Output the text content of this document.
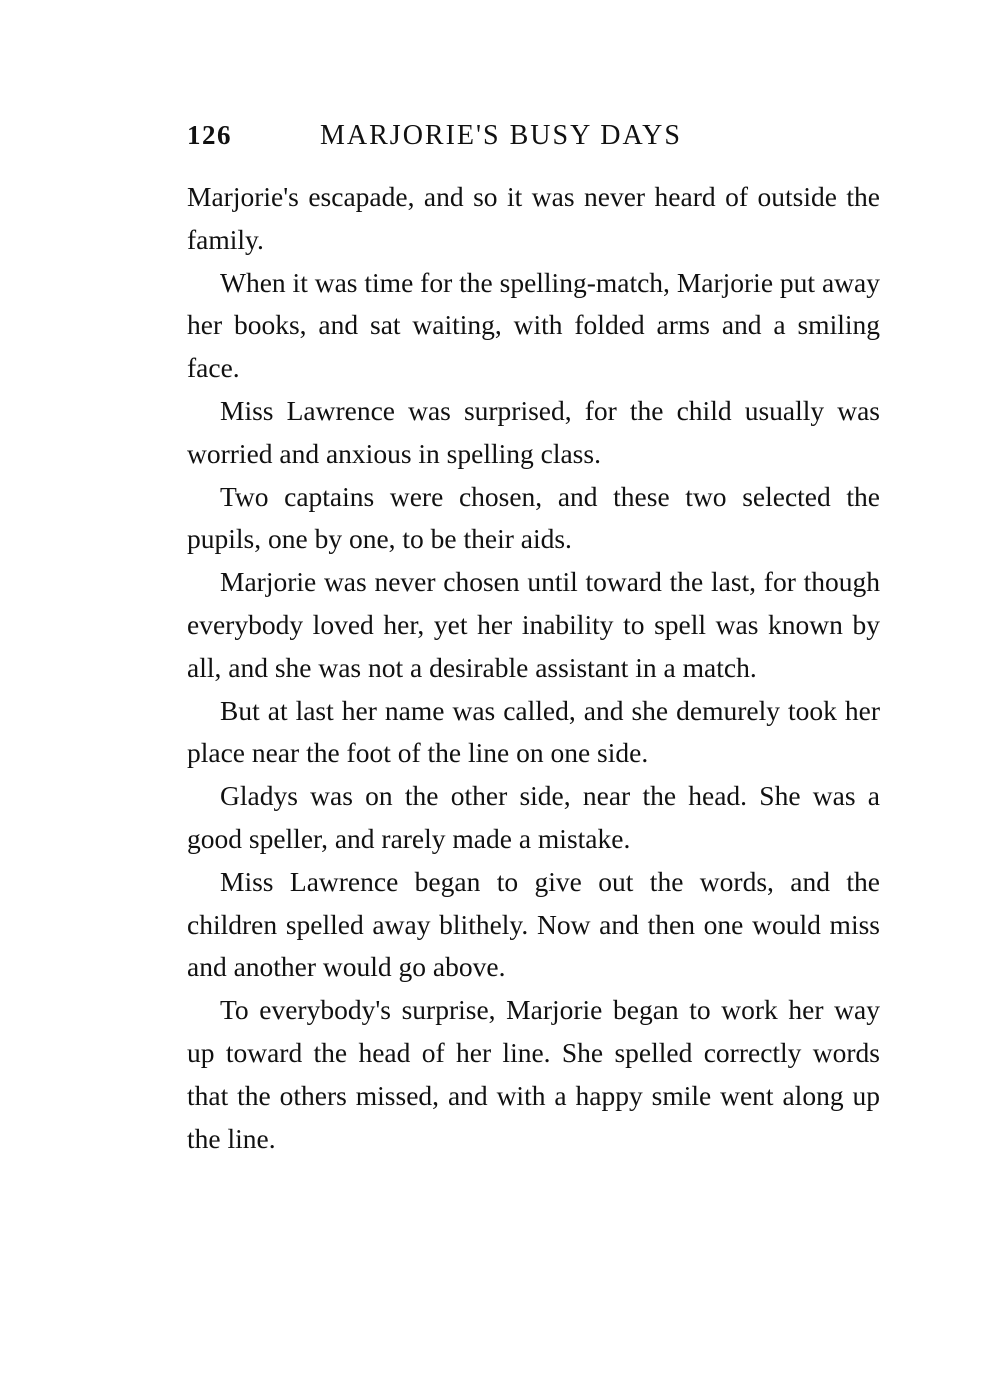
126	MARJORIE'S BUSY DAYS

Marjorie's escapade, and so it was never heard of outside the family.

When it was time for the spelling-match, Marjorie put away her books, and sat waiting, with folded arms and a smiling face.

Miss Lawrence was surprised, for the child usually was worried and anxious in spelling class.

Two captains were chosen, and these two selected the pupils, one by one, to be their aids.

Marjorie was never chosen until toward the last, for though everybody loved her, yet her inability to spell was known by all, and she was not a desirable assistant in a match.

But at last her name was called, and she demurely took her place near the foot of the line on one side.

Gladys was on the other side, near the head. She was a good speller, and rarely made a mistake.

Miss Lawrence began to give out the words, and the children spelled away blithely. Now and then one would miss and another would go above.

To everybody's surprise, Marjorie began to work her way up toward the head of her line. She spelled correctly words that the others missed, and with a happy smile went along up the line.
